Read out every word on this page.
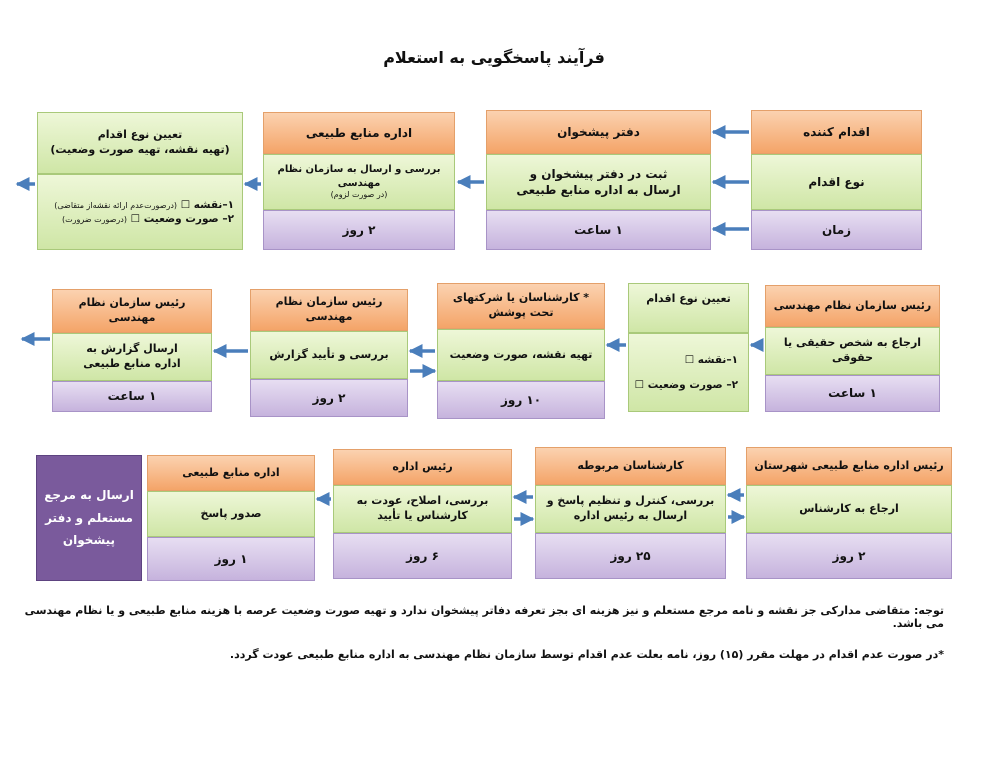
فرآیند پاسخگویی به استعلام
اقدام کننده
نوع اقدام
زمان
دفتر پیشخوان
ثبت در دفتر پیشخوان و
ارسال به اداره منابع طبیعی
۱ ساعت
اداره منابع طبیعی
بررسی و ارسال به سازمان نظام مهندسی
(در صورت لزوم)
۲ روز
تعیین نوع اقدام
(تهیه نقشه، تهیه صورت وضعیت)
۱–نقشه ☐ (درصورت‌عدم ارائه نقشه‌از متقاضی)
۲– صورت وضعیت ☐ (درصورت ضرورت)
رئیس سازمان نظام مهندسی
ارجاع به شخص حقیقی یا حقوقی
۱ ساعت
تعیین نوع اقدام
۱–نقشه ☐
۲– صورت وضعیت ☐
* کارشناسان یا شرکتهای تحت پوشش
تهیه نقشه، صورت وضعیت
۱۰ روز
رئیس سازمان نظام مهندسی
بررسی و تأیید گزارش
۲ روز
رئیس سازمان نظام مهندسی
ارسال گزارش به
اداره منابع طبیعی
۱ ساعت
رئیس اداره منابع طبیعی شهرستان
ارجاع به کارشناس
۲ روز
کارشناسان مربوطه
بررسی، کنترل و تنظیم پاسخ و
ارسال به رئیس اداره
۲۵ روز
رئیس اداره
بررسی، اصلاح، عودت به
کارشناس یا تأیید
۶ روز
اداره منابع طبیعی
صدور پاسخ
۱ روز
ارسال به مرجع
مستعلم و دفتر
پیشخوان
توجه: متقاضی مدارکی جز نقشه و نامه مرجع مستعلم و نیز هزینه ای بجز تعرفه دفاتر پیشخوان ندارد و تهیه صورت وضعیت عرصه با هزینه منابع طبیعی و یا نظام مهندسی می باشد.
*در صورت عدم اقدام در مهلت مقرر (۱۵) روز، نامه بعلت عدم اقدام توسط سازمان نظام مهندسی به اداره منابع طبیعی عودت گردد.
